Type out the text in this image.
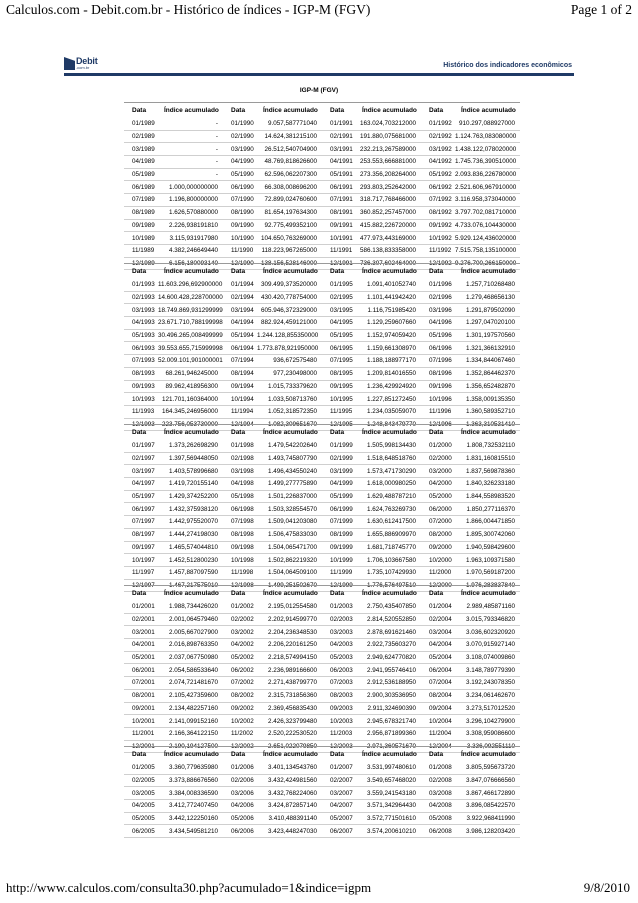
Calculos.com - Debit.com.br - Histórico de índices - IGP-M (FGV)	Page 1 of 2
Debit
.com.br	Histórico dos indicadores econômicos
IGP-M (FGV)
Data	Índice acumulado	Data	Índice acumulado	Data	Índice acumulado	Data	Índice acumulado
01/1989	-	01/1990	9.057,587771040	01/1991	163.024,703212000	01/1992	910.297,088927000
02/1989	-	02/1990	14.624,381215100	02/1991	191.880,075681000	02/1992	1.124.763,083080000
03/1989	-	03/1990	26.512,540704900	03/1991	232.213,267589000	03/1992	1.438.122,078020000
04/1989	-	04/1990	48.769,818626600	04/1991	253.553,666881000	04/1992	1.745.736,390510000
05/1989	-	05/1990	62.596,062207300	05/1991	273.356,208264000	05/1992	2.093.836,226780000
06/1989	1.000,000000000	06/1990	66.308,008696200	06/1991	293.803,252642000	06/1992	2.521.606,967910000
07/1989	1.196,800000000	07/1990	72.899,024760600	07/1991	318.717,768466000	07/1992	3.116.958,373040000
08/1989	1.626,570880000	08/1990	81.654,197634300	08/1991	360.852,257457000	08/1992	3.797.702,081710000
09/1989	2.226,938191810	09/1990	92.775,499352100	09/1991	415.882,226720000	09/1992	4.733.076,104430000
10/1989	3.115,931917980	10/1990	104.650,763269000	10/1991	477.973,443169000	10/1992	5.929.124,436020000
11/1989	4.382,246649440	11/1990	118.223,967265000	11/1991	586.138,833358000	11/1992	7.515.758,135100000
12/1989	6.156,180093140	12/1990	138.156,528146000	12/1991	736.307,602464000	12/1992	9.276.700,266150000
Data	Índice acumulado	Data	Índice acumulado	Data	Índice acumulado	Data	Índice acumulado
01/1993	11.603.296,692900000	01/1994	309.499,373520000	01/1995	1.091,401052740	01/1996	1.257,710268480
02/1993	14.600.428,228700000	02/1994	430.420,778754000	02/1995	1.101,441942420	02/1996	1.279,468656130
03/1993	18.749.869,931299999	03/1994	605.946,372329000	03/1995	1.116,751985420	03/1996	1.291,879502090
04/1993	23.671.710,788199998	04/1994	882.924,459121000	04/1995	1.129,259607660	04/1996	1.297,047020100
05/1993	30.496.265,008499999	05/1994	1.244.128,855350000	05/1995	1.152,974059420	05/1996	1.301,197570560
06/1993	39.553.655,715999998	06/1994	1.773.878,921950000	06/1995	1.159,661308970	06/1996	1.321,366132910
07/1993	52.009.101,901000001	07/1994	936,672575480	07/1995	1.188,188977170	07/1996	1.334,844067460
08/1993	68.261,946245000	08/1994	977,230498000	08/1995	1.209,814016550	08/1996	1.352,864462370
09/1993	89.962,418956300	09/1994	1.015,733379620	09/1995	1.236,429924920	09/1996	1.356,652482870
10/1993	121.701,160364000	10/1994	1.033,508713760	10/1995	1.227,851272450	10/1996	1.358,009135350
11/1993	164.345,246956000	11/1994	1.052,318572350	11/1995	1.234,035059070	11/1996	1.360,589352710
12/1993	223.756,053730000	12/1994	1.082,309651670	12/1995	1.248,843479770	12/1996	1.363,310531410
Data	Índice acumulado	Data	Índice acumulado	Data	Índice acumulado	Data	Índice acumulado
01/1997	1.373,262698290	01/1998	1.479,542202640	01/1999	1.505,998134430	01/2000	1.808,732532110
02/1997	1.397,569448050	02/1998	1.493,745807790	02/1999	1.518,648518760	02/2000	1.831,160815510
03/1997	1.403,578996680	03/1998	1.496,434550240	03/1999	1.573,471730290	03/2000	1.837,569878360
04/1997	1.419,720155140	04/1998	1.499,277775890	04/1999	1.618,000980250	04/2000	1.840,326233180
05/1997	1.429,374252200	05/1998	1.501,226837000	05/1999	1.629,488787210	05/2000	1.844,558983520
06/1997	1.432,375938120	06/1998	1.503,328554570	06/1999	1.624,763269730	06/2000	1.850,277116370
07/1997	1.442,975520070	07/1998	1.509,041203080	07/1999	1.630,612417500	07/2000	1.866,004471850
08/1997	1.444,274198030	08/1998	1.506,475833030	08/1999	1.655,886909970	08/2000	1.895,300742060
09/1997	1.465,574044810	09/1998	1.504,065471700	09/1999	1.681,718745770	09/2000	1.940,598429600
10/1997	1.452,512800230	10/1998	1.502,862219320	10/1999	1.706,103667580	10/2000	1.963,109371580
11/1997	1.457,887097590	11/1998	1.504,064509100	11/1999	1.735,107429930	11/2000	1.970,569187200
12/1997	1.467,217575010	12/1998	1.499,251502670	12/1999	1.776,576497510	12/2000	1.976,283837840
Data	Índice acumulado	Data	Índice acumulado	Data	Índice acumulado	Data	Índice acumulado
01/2001	1.988,734426020	01/2002	2.195,012554580	01/2003	2.750,435407850	01/2004	2.989,485871160
02/2001	2.001,064579460	02/2002	2.202,914599770	02/2003	2.814,520552850	02/2004	3.015,793346820
03/2001	2.005,667027900	03/2002	2.204,236348530	03/2003	2.878,691621460	03/2004	3.036,602320920
04/2001	2.016,898763350	04/2002	2.206,220161250	04/2003	2.922,735603270	04/2004	3.070,915927140
05/2001	2.037,067750980	05/2002	2.218,574994150	05/2003	2.949,624770820	05/2004	3.108,074009860
06/2001	2.054,586533640	06/2002	2.236,989166600	06/2003	2.941,955746410	06/2004	3.148,789779390
07/2001	2.074,721481670	07/2002	2.271,438799770	07/2003	2.912,536188950	07/2004	3.192,243078350
08/2001	2.105,427359600	08/2002	2.315,731856360	08/2003	2.900,303536950	08/2004	3.234,061462670
09/2001	2.134,482257160	09/2002	2.369,456835430	09/2003	2.911,324690390	09/2004	3.273,517012520
10/2001	2.141,099152160	10/2002	2.426,323799480	10/2003	2.945,678321740	10/2004	3.296,104279900
11/2001	2.166,364122150	11/2002	2.520,222530520	11/2003	2.956,871899360	11/2004	3.308,959086600
12/2001	2.190,194127500	12/2002	2.651,022079850	12/2003	2.971,360571670	12/2004	3.336,092551110
Data	Índice acumulado	Data	Índice acumulado	Data	Índice acumulado	Data	Índice acumulado
01/2005	3.360,779635980	01/2006	3.401,134543760	01/2007	3.531,997480610	01/2008	3.805,595673720
02/2005	3.373,886676560	02/2006	3.432,424981560	02/2007	3.549,657468020	02/2008	3.847,076666560
03/2005	3.384,008336590	03/2006	3.432,768224060	03/2007	3.559,241543180	03/2008	3.867,466172890
04/2005	3.412,772407450	04/2006	3.424,872857140	04/2007	3.571,342964430	04/2008	3.896,085422570
05/2005	3.442,122250160	05/2006	3.410,488391140	05/2007	3.572,771501610	05/2008	3.922,968411990
06/2005	3.434,549581210	06/2006	3.423,448247030	06/2007	3.574,200610210	06/2008	3.986,128203420
http://www.calculos.com/consulta30.php?acumulado=1&indice=igpm	9/8/2010
